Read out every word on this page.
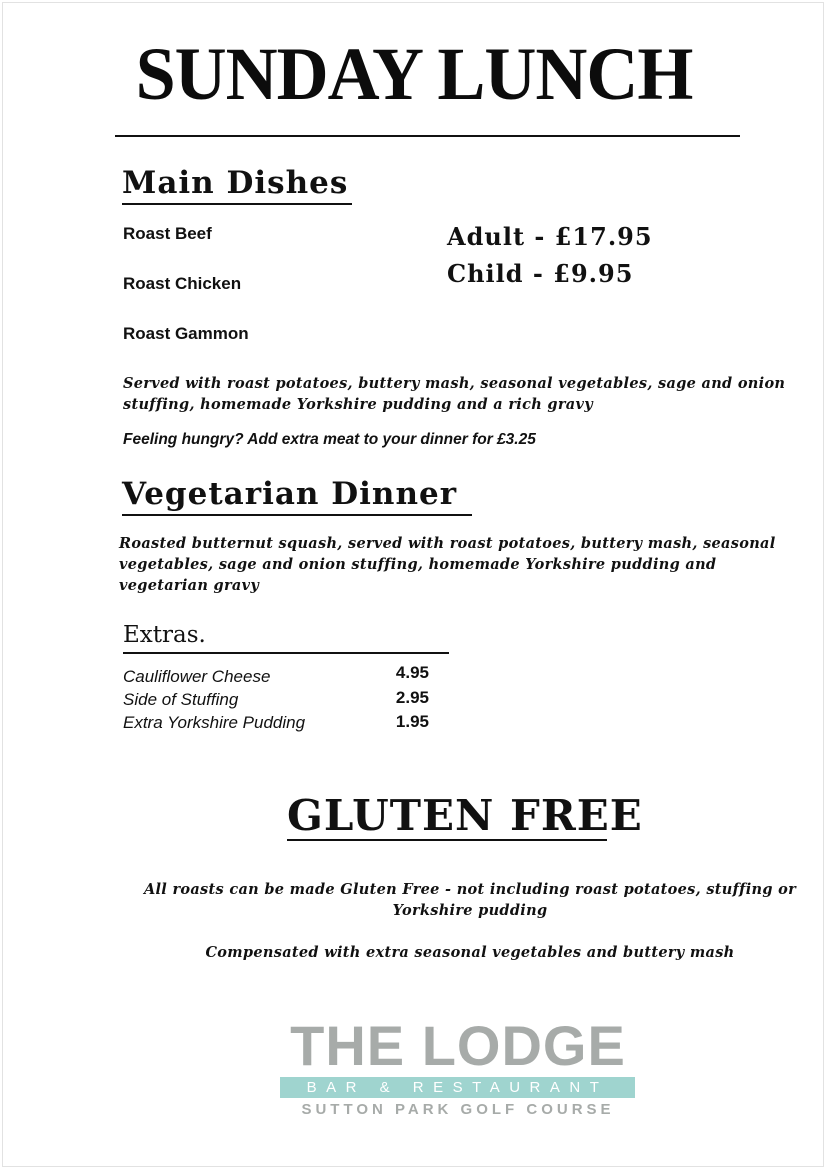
SUNDAY LUNCH
Main Dishes
Roast Beef
Roast Chicken
Roast Gammon
Adult - £17.95
Child - £9.95
Served with roast potatoes, buttery mash, seasonal vegetables, sage and onion stuffing, homemade Yorkshire pudding and a rich gravy
Feeling hungry? Add extra meat to your dinner for £3.25
Vegetarian Dinner
Roasted butternut squash, served with roast potatoes, buttery mash, seasonal vegetables, sage and onion stuffing, homemade Yorkshire pudding and vegetarian gravy
Extras.
Cauliflower Cheese	4.95
Side of Stuffing	2.95
Extra Yorkshire Pudding	1.95
GLUTEN FREE
All roasts can be made Gluten Free - not including roast potatoes, stuffing or Yorkshire pudding
Compensated with extra seasonal vegetables and buttery mash
THE LODGE
BAR & RESTAURANT
SUTTON PARK GOLF COURSE
